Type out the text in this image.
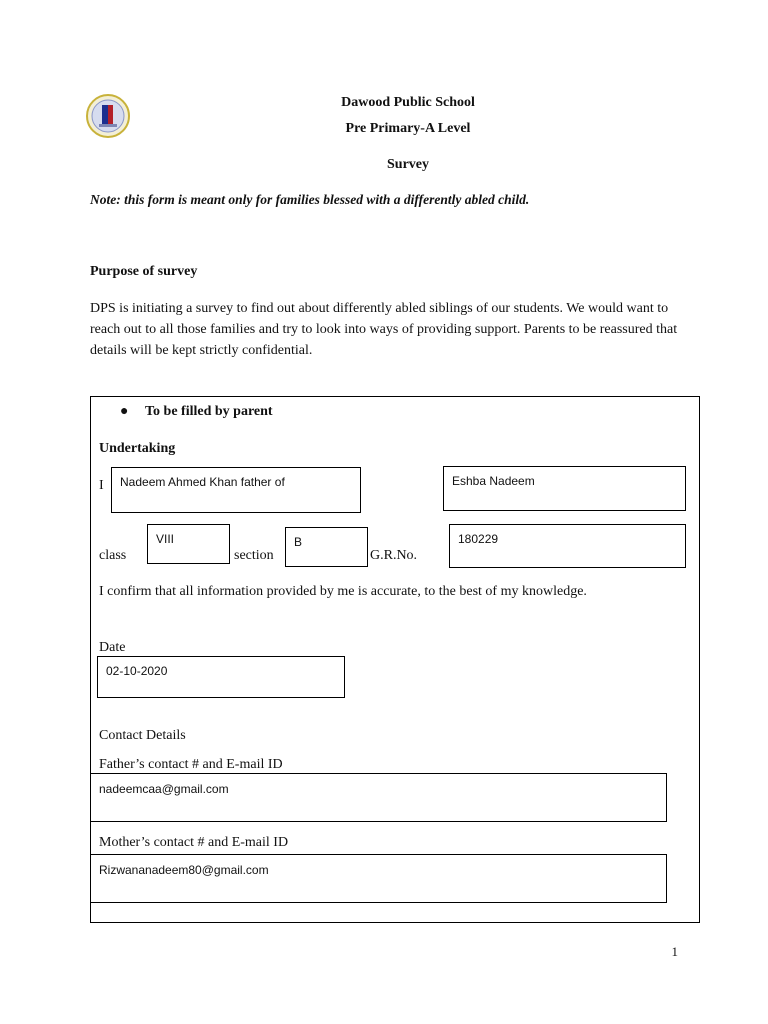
Dawood Public School
Pre Primary-A Level
Survey
Note: this form is meant only for families blessed with a differently abled child.
Purpose of survey
DPS is initiating a survey to find out about differently abled siblings of our students. We would want to reach out to all those families and try to look into ways of providing support. Parents to be reassured that details will be kept strictly confidential.
● To be filled by parent
Undertaking
I Nadeem Ahmed Khan father of	Eshba Nadeem
class
VIII
section
B
G.R.No.
180229
I confirm that all information provided by me is accurate, to the best of my knowledge.
Date
02-10-2020
Contact Details
Father’s contact # and E-mail ID
nadeemcaa@gmail.com
Mother’s contact # and E-mail ID
Rizwananadeem80@gmail.com
1
